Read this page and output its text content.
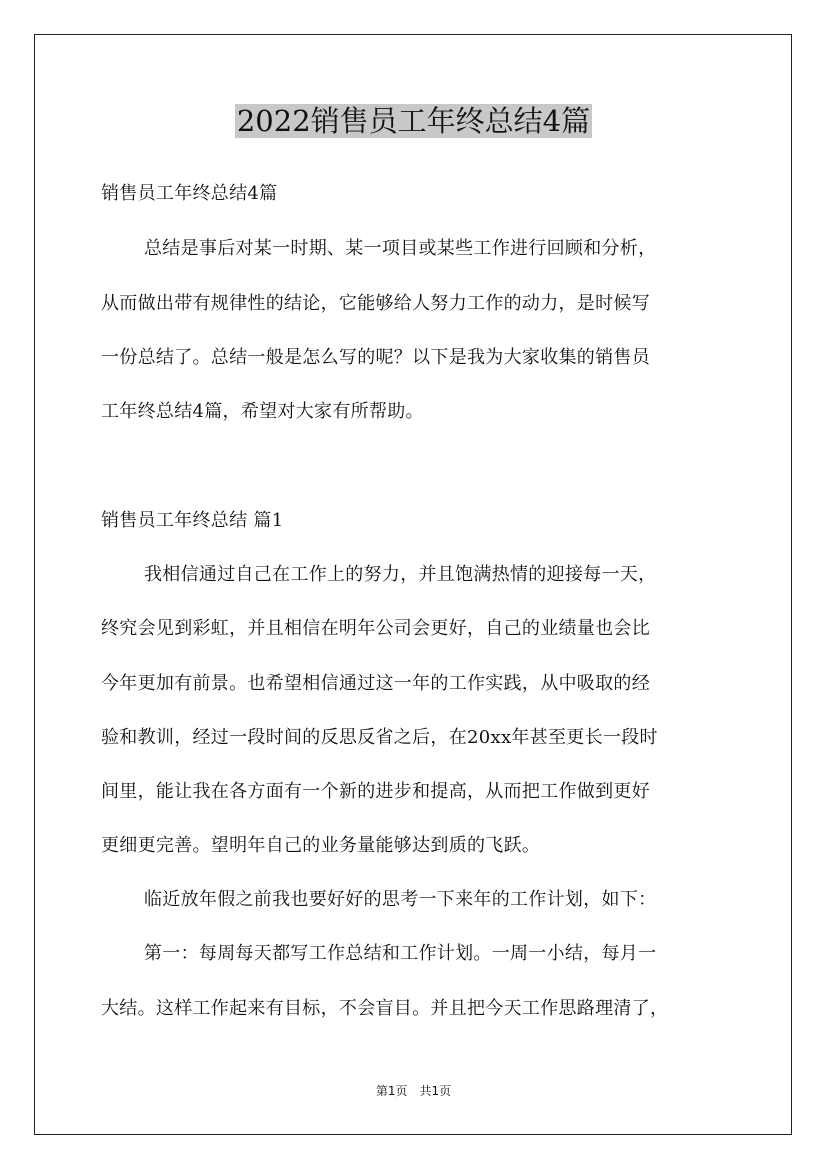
2022销售员工年终总结4篇
销售员工年终总结4篇
总结是事后对某一时期、某一项目或某些工作进行回顾和分析，
从而做出带有规律性的结论，它能够给人努力工作的动力，是时候写
一份总结了。总结一般是怎么写的呢？以下是我为大家收集的销售员
工年终总结4篇，希望对大家有所帮助。
销售员工年终总结 篇1
我相信通过自己在工作上的努力，并且饱满热情的迎接每一天，
终究会见到彩虹，并且相信在明年公司会更好，自己的业绩量也会比
今年更加有前景。也希望相信通过这一年的工作实践，从中吸取的经
验和教训，经过一段时间的反思反省之后，在20xx年甚至更长一段时
间里，能让我在各方面有一个新的进步和提高，从而把工作做到更好
更细更完善。望明年自己的业务量能够达到质的飞跃。
临近放年假之前我也要好好的思考一下来年的工作计划，如下：
第一：每周每天都写工作总结和工作计划。一周一小结，每月一
大结。这样工作起来有目标，不会盲目。并且把今天工作思路理清了，
第1页　共1页
